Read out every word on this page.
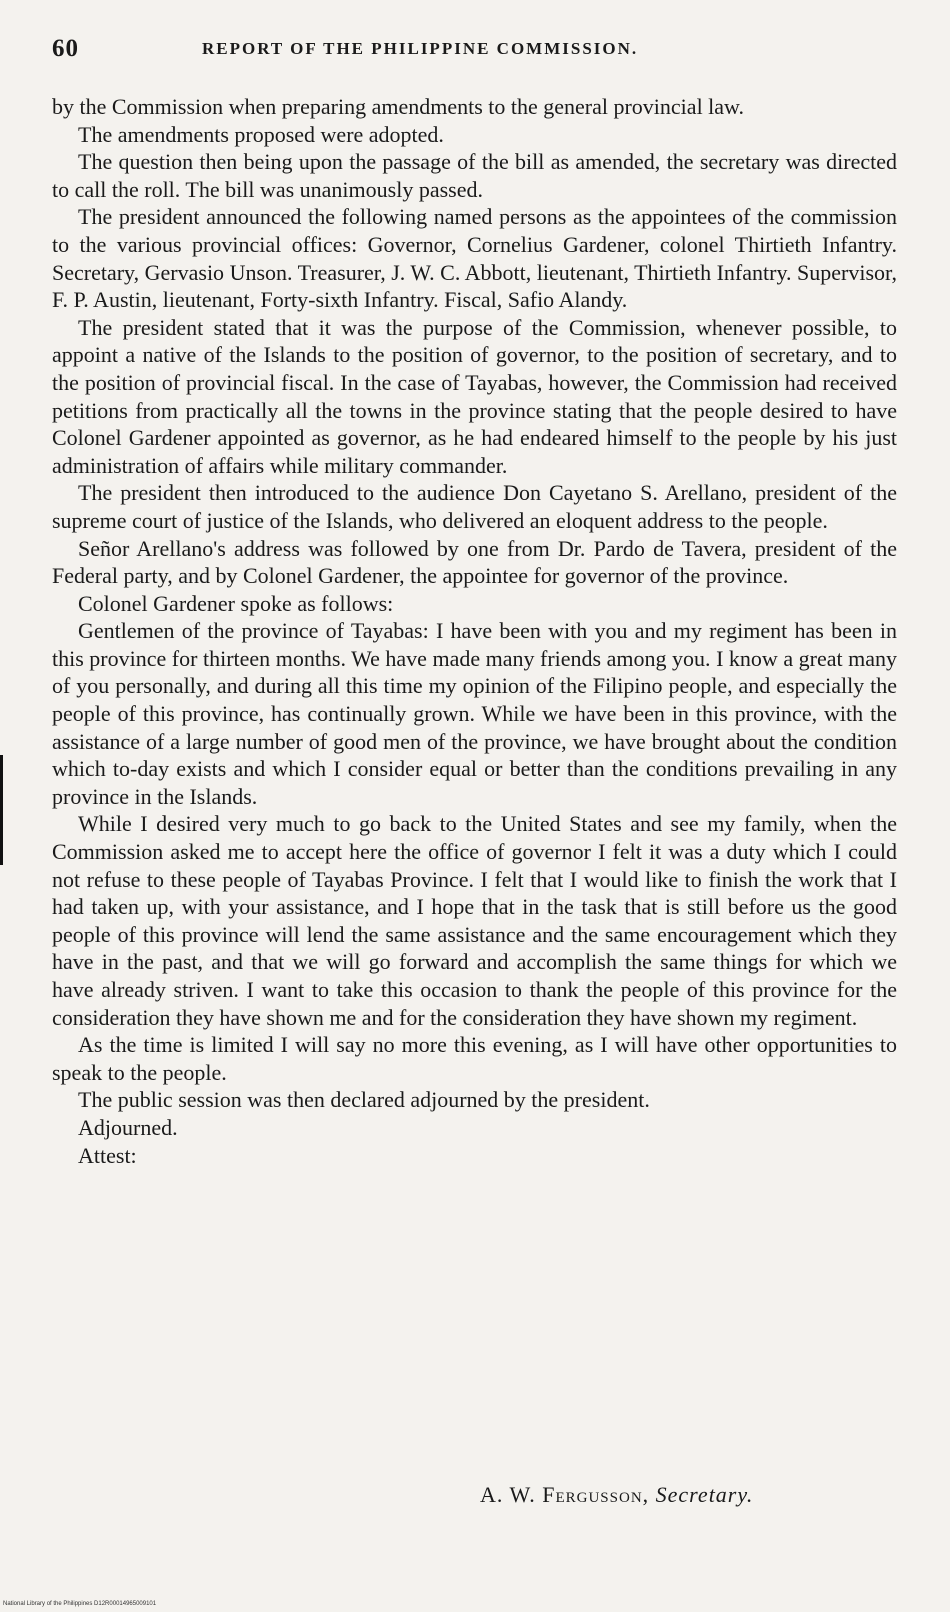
60	REPORT OF THE PHILIPPINE COMMISSION.

by the Commission when preparing amendments to the general provincial law.

The amendments proposed were adopted.

The question then being upon the passage of the bill as amended, the secretary was directed to call the roll. The bill was unanimously passed.

The president announced the following named persons as the appointees of the commission to the various provincial offices: Governor, Cornelius Gardener, colonel Thirtieth Infantry. Secretary, Gervasio Unson. Treasurer, J. W. C. Abbott, lieutenant, Thirtieth Infantry. Supervisor, F. P. Austin, lieutenant, Forty-sixth Infantry. Fiscal, Safio Alandy.

The president stated that it was the purpose of the Commission, whenever possible, to appoint a native of the Islands to the position of governor, to the position of secretary, and to the position of provincial fiscal. In the case of Tayabas, however, the Commission had received petitions from practically all the towns in the province stating that the people desired to have Colonel Gardener appointed as governor, as he had endeared himself to the people by his just administration of affairs while military commander.

The president then introduced to the audience Don Cayetano S. Arellano, president of the supreme court of justice of the Islands, who delivered an eloquent address to the people.

Señor Arellano's address was followed by one from Dr. Pardo de Tavera, president of the Federal party, and by Colonel Gardener, the appointee for governor of the province.

Colonel Gardener spoke as follows:

Gentlemen of the province of Tayabas: I have been with you and my regiment has been in this province for thirteen months. We have made many friends among you. I know a great many of you personally, and during all this time my opinion of the Filipino people, and especially the people of this province, has continually grown. While we have been in this province, with the assistance of a large number of good men of the province, we have brought about the condition which to-day exists and which I consider equal or better than the conditions prevailing in any province in the Islands.

While I desired very much to go back to the United States and see my family, when the Commission asked me to accept here the office of governor I felt it was a duty which I could not refuse to these people of Tayabas Province. I felt that I would like to finish the work that I had taken up, with your assistance, and I hope that in the task that is still before us the good people of this province will lend the same assistance and the same encouragement which they have in the past, and that we will go forward and accomplish the same things for which we have already striven. I want to take this occasion to thank the people of this province for the consideration they have shown me and for the consideration they have shown my regiment.

As the time is limited I will say no more this evening, as I will have other opportunities to speak to the people.

The public session was then declared adjourned by the president.

Adjourned.

Attest:

A. W. Fergusson, Secretary.
National Library of the Philippines D12R00014965009101
